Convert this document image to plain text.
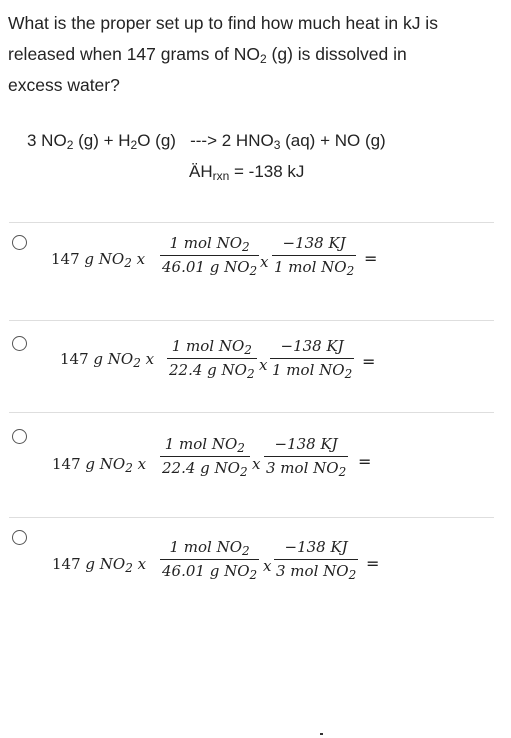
What is the proper set up to find how much heat in kJ is
released when 147 grams of $NO_2$ (g) is dissolved in
excess water?
3 $NO_2$ $(g) + H_2O$ (g)   ---> 2 $HNO_3$ (aq) + NO (g)
$ÄH_{rxn} = -138$ kJ
147 g $NO_2$ x
1 mol $NO_2$
46.01 g $NO_2$ x
−138 KJ
1 mol $NO_2$
=
147 g $NO_2$ x
1 mol $NO_2$
22.4 g $NO_2$ x
−138 KJ
1 mol $NO_2$
=
147 g $NO_2$ x
1 mol $NO_2$
22.4 g $NO_2$ x
−138 KJ
3 mol $NO_2$
=
147 g $NO_2$ x
1 mol $NO_2$
46.01 g $NO_2$ x
−138 KJ
3 mol $NO_2$
=
